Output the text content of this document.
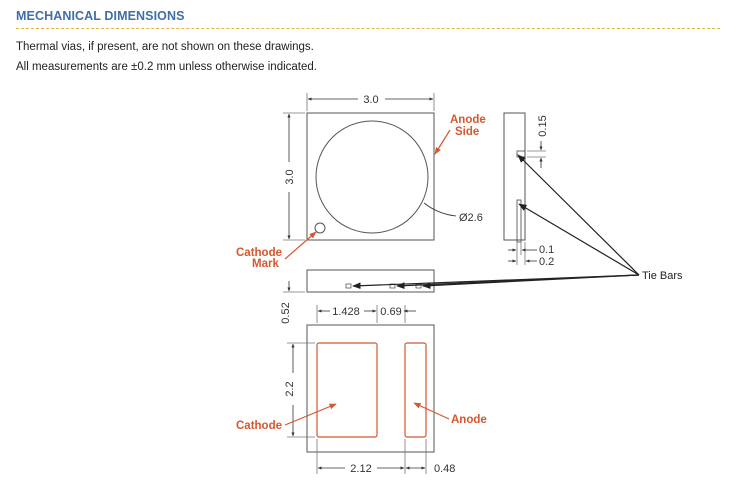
MECHANICAL DIMENSIONS
Thermal vias, if present, are not shown on these drawings.
All measurements are ±0.2 mm unless otherwise indicated.
3.0
3.0
Ø2.6
Anode
Side
Cathode
Mark
0.15
0.1
0.2
0.52
Tie Bars
1.428 0.69
2.2
2.12	0.48
Cathode	Anode
